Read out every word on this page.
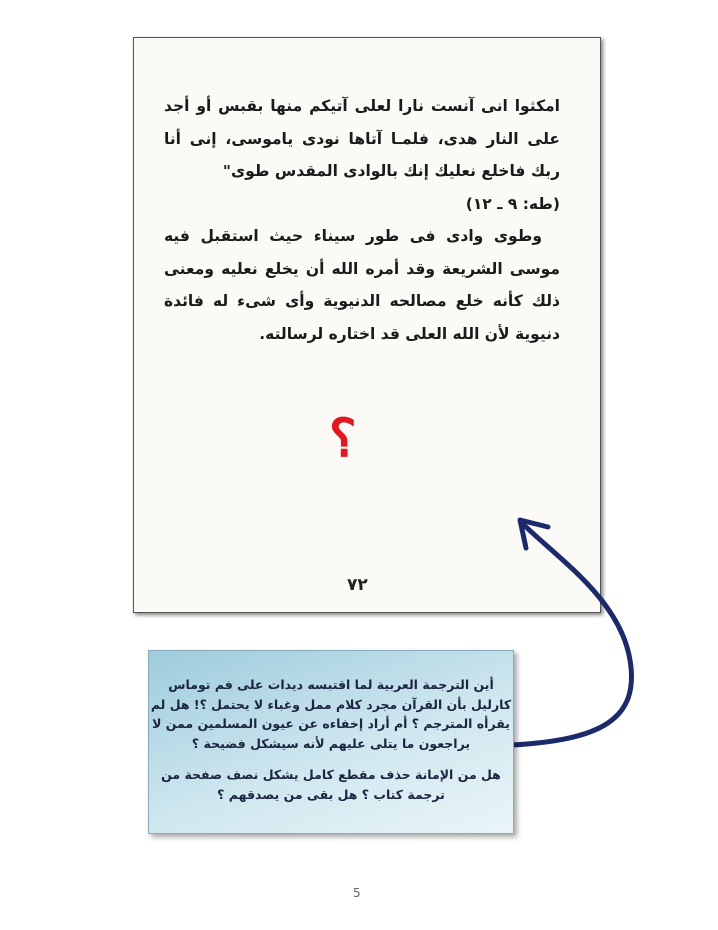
امكثوا انى آنست نارا لعلى آتيكم منها بقبس أو أجد على النار هدى، فلمـا آتاها نودى ياموسى، إنى أنا ربك فاخلع نعليك إنك بالوادى المقدس طوى"

(طه: ٩ ـ ١٢)

وطوى وادى فى طور سيناء حيث استقبل فيه موسى الشريعة وقد أمره الله أن يخلع نعليه ومعنى ذلك كأنه خلع مصالحه الدنيوية وأى شىء له فائدة دنيوية لأن الله العلى قد اختاره لرسالته.

؟
٧٢

أين الترجمة العربية لما اقتبسه ديدات على فم توماس كارليل بأن القرآن مجرد كلام ممل وغباء لا يحتمل ؟! هل لم يقرأه المترجم ؟ أم أراد إخفاءه عن عيون المسلمين ممن لا يراجعون ما يتلى عليهم لأنه سيشكل فضيحة ؟

هل من الإمانة حذف مقطع كامل يشكل نصف صفحة من ترجمة كتاب ؟ هل بقى من يصدقهم ؟

5
